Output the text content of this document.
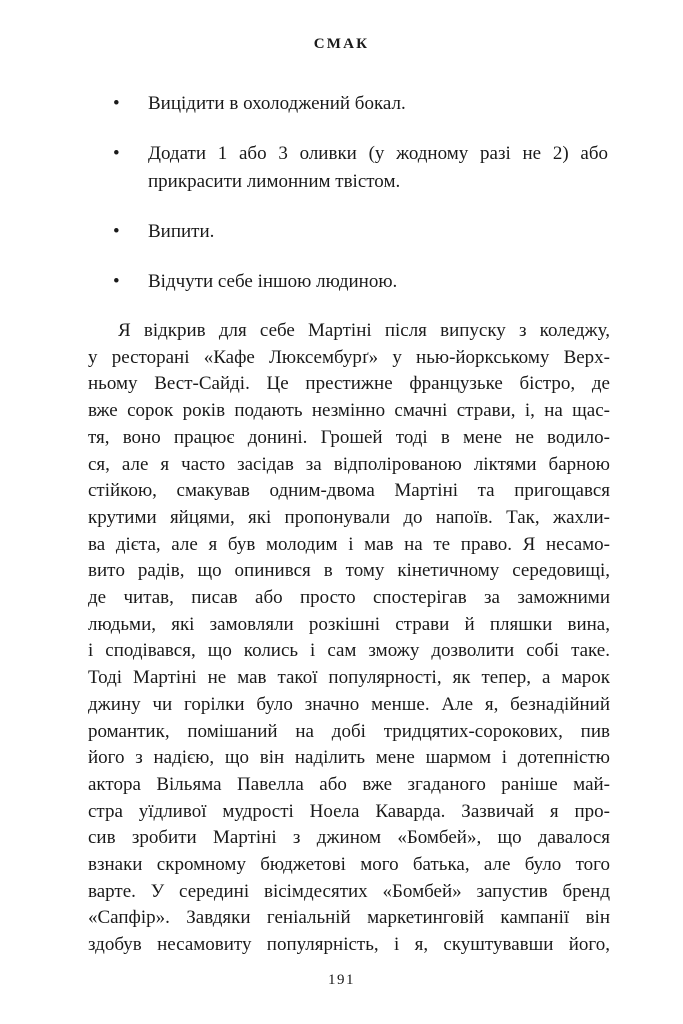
СМАК
• Вицідити в охолоджений бокал.
• Додати 1 або 3 оливки (у жодному разі не 2) або прикрасити лимонним твістом.
• Випити.
• Відчути себе іншою людиною.

Я відкрив для себе Мартіні після випуску з коледжу,
у ресторані «Кафе Люксембурґ» у нью-йоркському Верх-
ньому Вест-Сайді. Це престижне французьке бістро, де
вже сорок років подають незмінно смачні страви, і, на щас-
тя, воно працює донині. Грошей тоді в мене не водило-
ся, але я часто засідав за відполірованою ліктями барною
стійкою, смакував одним-двома Мартіні та пригощався
крутими яйцями, які пропонували до напоїв. Так, жахли-
ва дієта, але я був молодим і мав на те право. Я несамо-
витo радів, що опинився в тому кінетичному середовищі,
де читав, писав або просто спостерігав за заможними
людьми, які замовляли розкішні страви й пляшки вина,
і сподівався, що колись і сам зможу дозволити собі таке.
Тоді Мартіні не мав такої популярності, як тепер, а марок
джину чи горілки було значно менше. Але я, безнадійний
романтик, помішаний на добі тридцятих-сорокових, пив
його з надією, що він наділить мене шармом і дотепністю
актора Вільяма Павелла або вже згаданого раніше май-
стра уїдливої мудрості Ноела Каварда. Зазвичай я про-
сив зробити Мартіні з джином «Бомбей», що давалося
взнаки скромному бюджетові мого батька, але було того
варте. У середині вісімдесятих «Бомбей» запустив бренд
«Сапфір». Завдяки геніальній маркетинговій кампанії він
здобув несамовиту популярність, і я, скуштувавши його,

191
